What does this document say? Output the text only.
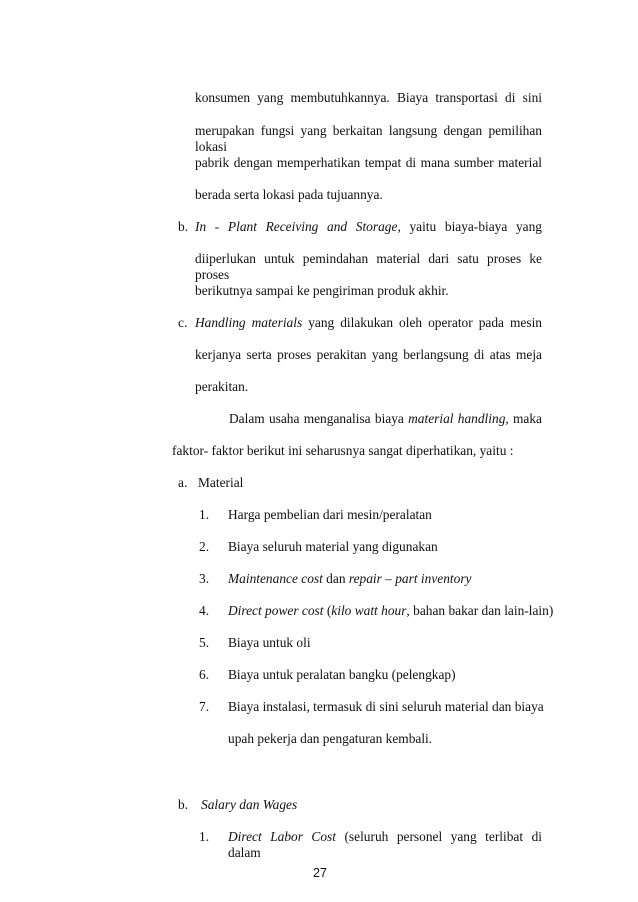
konsumen yang membutuhkannya. Biaya transportasi di sini
merupakan fungsi yang berkaitan langsung dengan pemilihan lokasi
pabrik dengan memperhatikan tempat di mana sumber material
berada serta lokasi pada tujuannya.
b. In - Plant Receiving and Storage, yaitu biaya-biaya yang
diiperlukan untuk pemindahan material dari satu proses ke proses
berikutnya sampai ke pengiriman produk akhir.
c. Handling materials yang dilakukan oleh operator pada mesin
kerjanya serta proses perakitan yang berlangsung di atas meja
perakitan.
Dalam usaha menganalisa biaya material handling, maka
faktor- faktor berikut ini seharusnya sangat diperhatikan, yaitu :
a. Material
1. Harga pembelian dari mesin/peralatan
2. Biaya seluruh material yang digunakan
3. Maintenance cost dan repair – part inventory
4. Direct power cost (kilo watt hour, bahan bakar dan lain-lain)
5. Biaya untuk oli
6. Biaya untuk peralatan bangku (pelengkap)
7. Biaya instalasi, termasuk di sini seluruh material dan biaya
upah pekerja dan pengaturan kembali.
b. Salary dan Wages
1. Direct Labor Cost (seluruh personel yang terlibat di dalam
27
